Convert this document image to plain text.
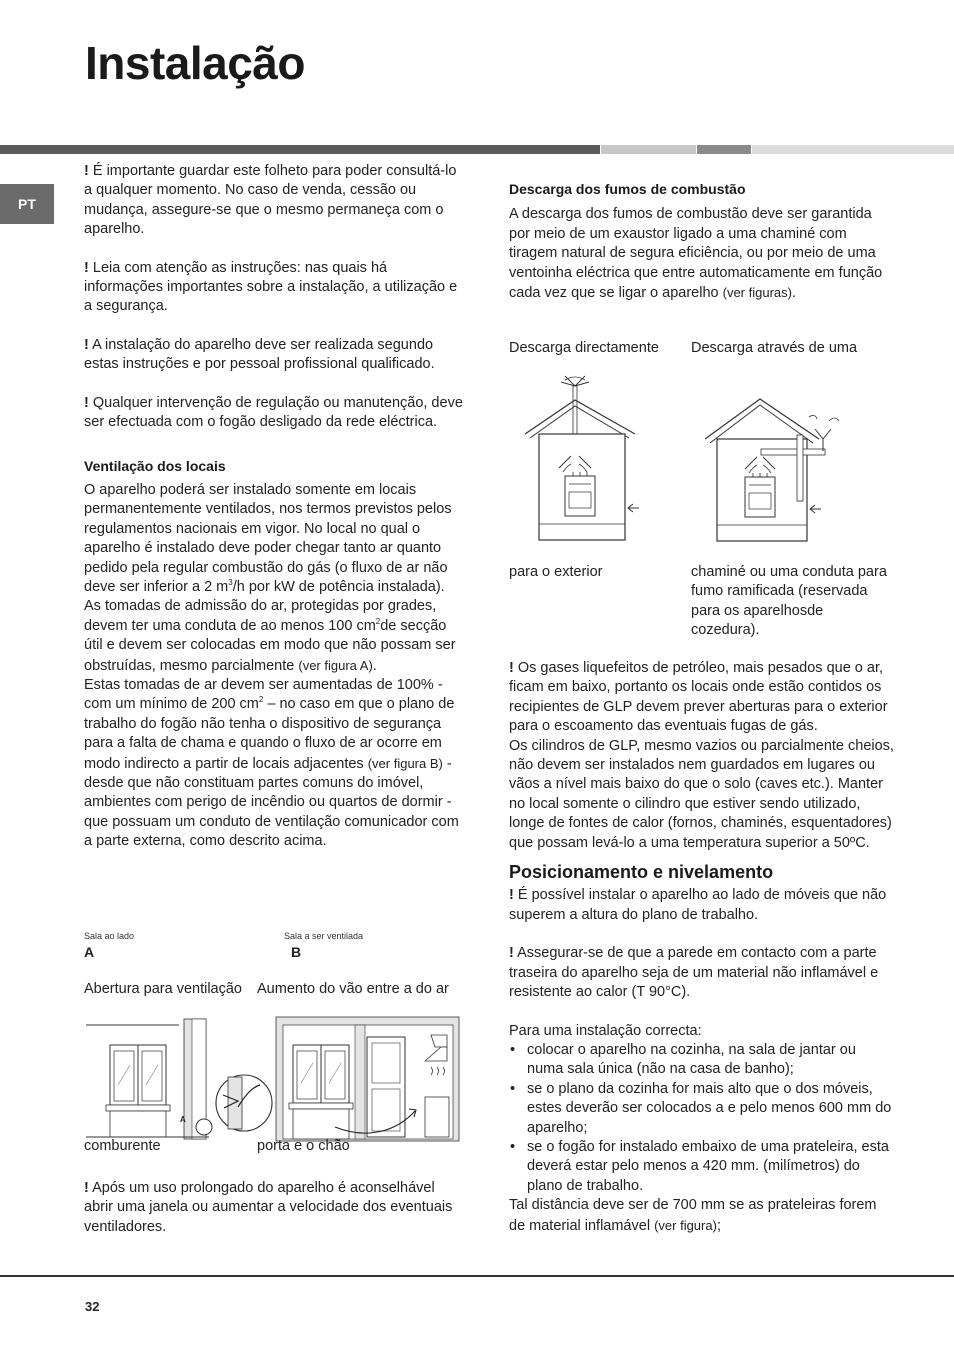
Instalação
PT

! É importante guardar este folheto para poder consultá-lo a qualquer momento. No caso de venda, cessão ou mudança, assegure-se que o mesmo permaneça com o aparelho.

! Leia com atenção as instruções: nas quais há informações importantes sobre a instalação, a utilização e a segurança.

! A instalação do aparelho deve ser realizada segundo estas instruções e por pessoal profissional qualificado.

! Qualquer intervenção de regulação ou manutenção, deve ser efectuada com o fogão desligado da rede eléctrica.

Ventilação dos locais

O aparelho poderá ser instalado somente em locais permanentemente ventilados, nos termos previstos pelos regulamentos nacionais em vigor. No local no qual o aparelho é instalado deve poder chegar tanto ar quanto pedido pela regular combustão do gás (o fluxo de ar não deve ser inferior a 2 $m^3/h$ por kW de potência instalada).

As tomadas de admissão do ar, protegidas por grades, devem ter uma conduta de ao menos 100 $cm^2de$ secção útil e devem ser colocadas em modo que não possam ser obstruídas, mesmo parcialmente (ver figura A).

Estas tomadas de ar devem ser aumentadas de 100% - com um mínimo de 200 $cm^2$ – no caso em que o plano de trabalho do fogão não tenha o dispositivo de segurança para a falta de chama e quando o fluxo de ar ocorre em modo indirecto a partir de locais adjacentes (ver figura B) - desde que não constituam partes comuns do imóvel, ambientes com perigo de incêndio ou quartos de dormir - que possuam um conduto de ventilação comunicador com a parte externa, como descrito acima.

Sala ao lado	Sala a ser ventilada
A	B
Abertura para ventilação Aumento do vão entre a do ar
A
comburente	porta e o chão

! Após um uso prolongado do aparelho é aconselhável abrir uma janela ou aumentar a velocidade dos eventuais ventiladores.

Descarga dos fumos de combustão

A descarga dos fumos de combustão deve ser garantida por meio de um exaustor ligado a uma chaminé com tiragem natural de segura eficiência, ou por meio de uma ventoinha eléctrica que entre automaticamente em função cada vez que se ligar o aparelho (ver figuras).

Descarga directamente Descarga através de uma
para o exterior	chaminé ou uma conduta para fumo ramificada (reservada para os aparelhosde cozedura).

! Os gases liquefeitos de petróleo, mais pesados que o ar, ficam em baixo, portanto os locais onde estão contidos os recipientes de GLP devem prever aberturas para o exterior para o escoamento das eventuais fugas de gás.

Os cilindros de GLP, mesmo vazios ou parcialmente cheios, não devem ser instalados nem guardados em lugares ou vãos a nível mais baixo do que o solo (caves etc.). Manter no local somente o cilindro que estiver sendo utilizado, longe de fontes de calor (fornos, chaminés, esquentadores) que possam levá-lo a uma temperatura superior a 50ºC.

Posicionamento e nivelamento

! É possível instalar o aparelho ao lado de móveis que não superem a altura do plano de trabalho.

! Assegurar-se de que a parede em contacto com a parte traseira do aparelho seja de um material não inflamável e resistente ao calor (T 90°C).

Para uma instalação correcta:

• colocar o aparelho na cozinha, na sala de jantar ou numa sala única (não na casa de banho);
• se o plano da cozinha for mais alto que o dos móveis, estes deverão ser colocados a e pelo menos 600 mm do aparelho;
• se o fogão for instalado embaixo de uma prateleira, esta deverá estar pelo menos a 420 mm. (milímetros) do plano de trabalho.

Tal distância deve ser de 700 mm se as prateleiras forem de material inflamável (ver figura);

32
